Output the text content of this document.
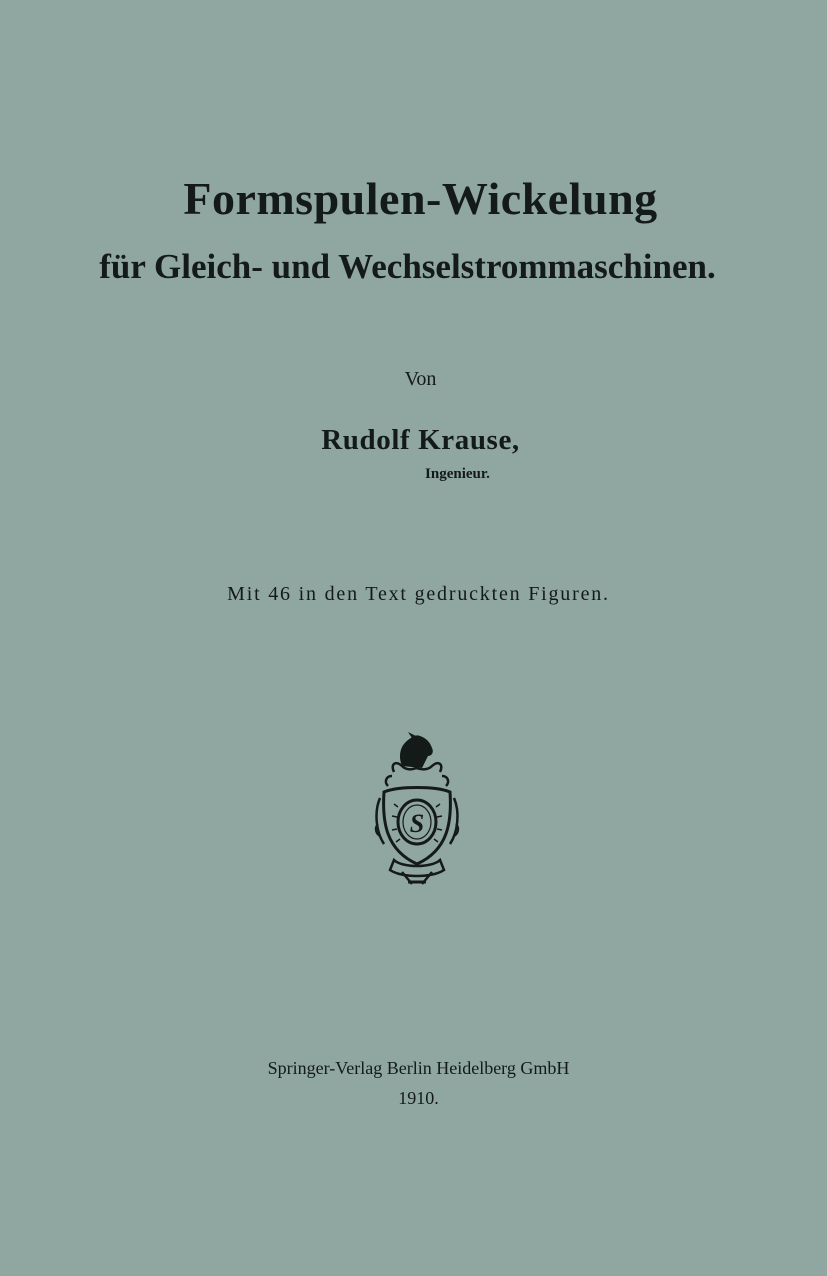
Formspulen-Wickelung
für Gleich- und Wechselstrommaschinen.
Von
Rudolf Krause,
Ingenieur.
Mit 46 in den Text gedruckten Figuren.
S
Springer-Verlag Berlin Heidelberg GmbH
1910.
